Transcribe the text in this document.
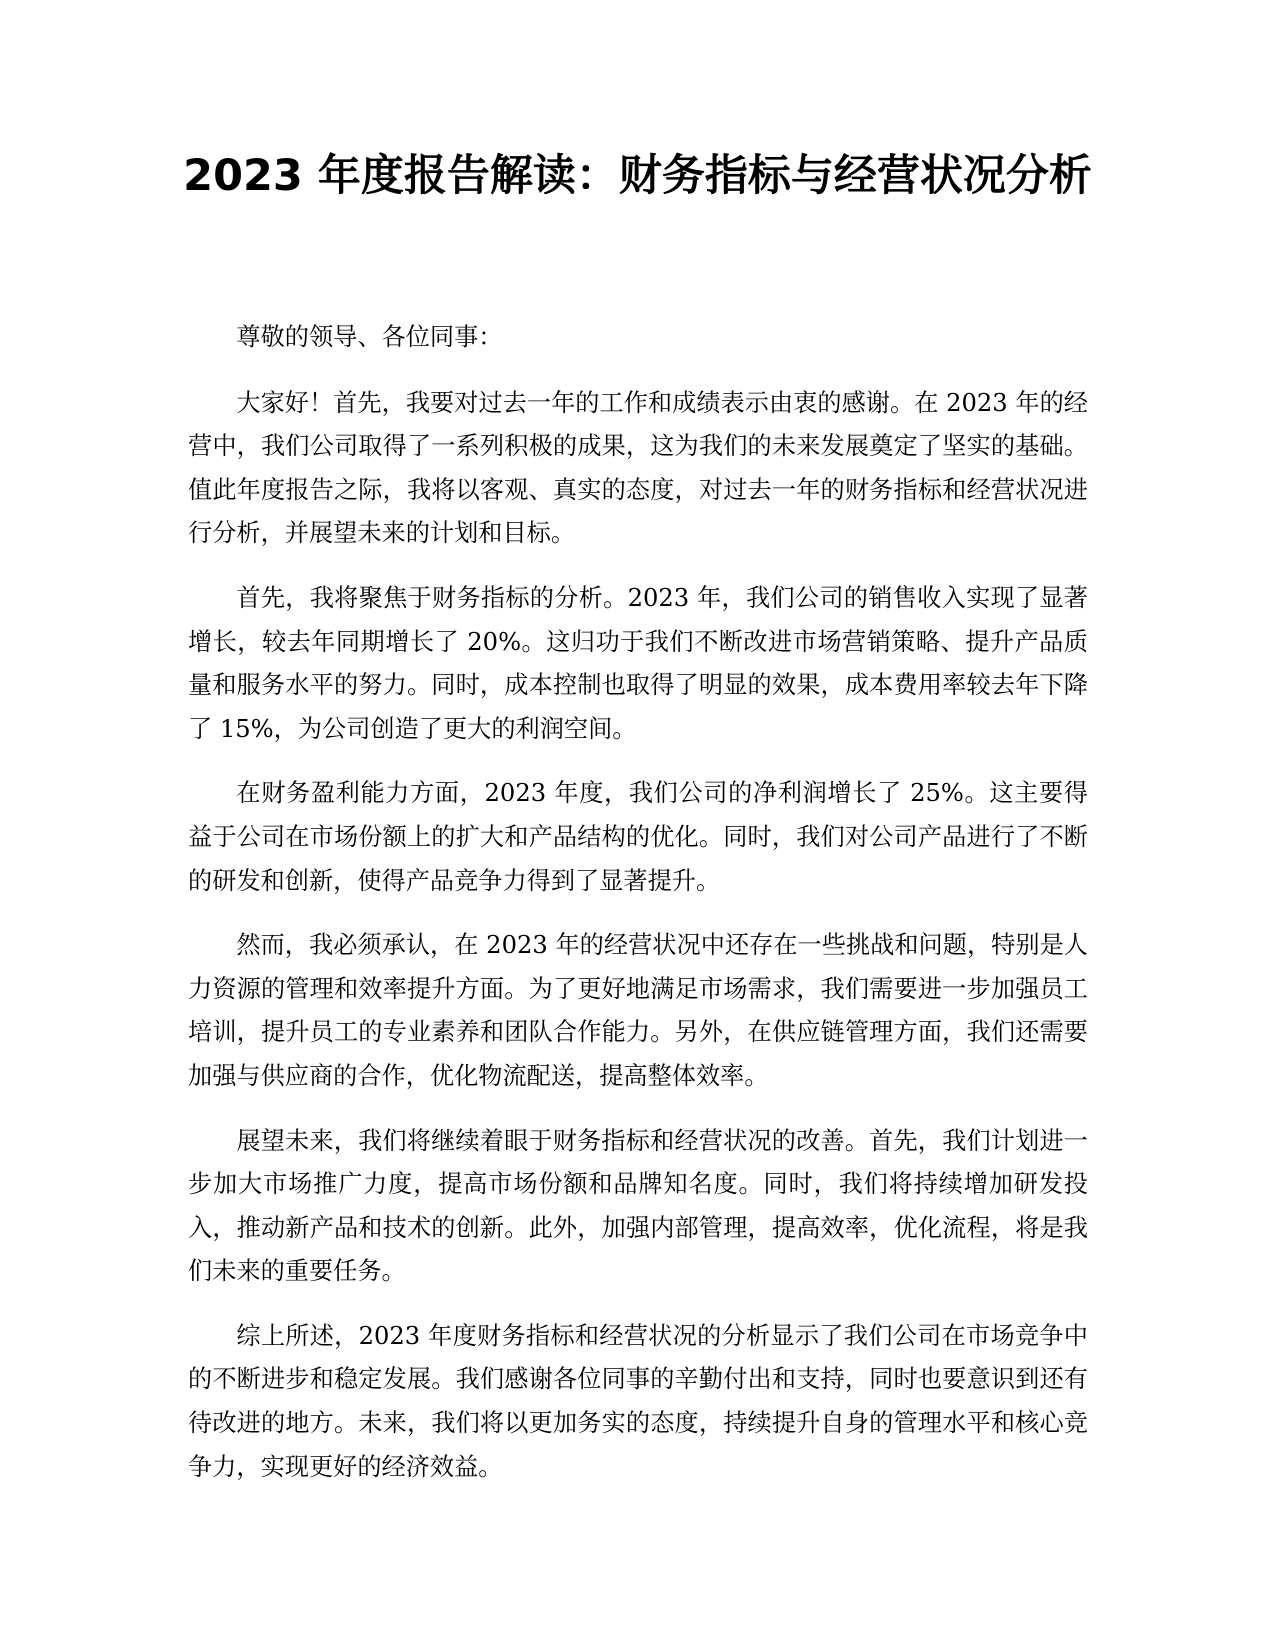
2023 年度报告解读：财务指标与经营状况分析

尊敬的领导、各位同事：

大家好！首先，我要对过去一年的工作和成绩表示由衷的感谢。在 2023 年的经营中，我们公司取得了一系列积极的成果，这为我们的未来发展奠定了坚实的基础。值此年度报告之际，我将以客观、真实的态度，对过去一年的财务指标和经营状况进行分析，并展望未来的计划和目标。

首先，我将聚焦于财务指标的分析。2023 年，我们公司的销售收入实现了显著增长，较去年同期增长了 20%。这归功于我们不断改进市场营销策略、提升产品质量和服务水平的努力。同时，成本控制也取得了明显的效果，成本费用率较去年下降了 15%，为公司创造了更大的利润空间。

在财务盈利能力方面，2023 年度，我们公司的净利润增长了 25%。这主要得益于公司在市场份额上的扩大和产品结构的优化。同时，我们对公司产品进行了不断的研发和创新，使得产品竞争力得到了显著提升。

然而，我必须承认，在 2023 年的经营状况中还存在一些挑战和问题，特别是人力资源的管理和效率提升方面。为了更好地满足市场需求，我们需要进一步加强员工培训，提升员工的专业素养和团队合作能力。另外，在供应链管理方面，我们还需要加强与供应商的合作，优化物流配送，提高整体效率。

展望未来，我们将继续着眼于财务指标和经营状况的改善。首先，我们计划进一步加大市场推广力度，提高市场份额和品牌知名度。同时，我们将持续增加研发投入，推动新产品和技术的创新。此外，加强内部管理，提高效率，优化流程，将是我们未来的重要任务。

综上所述，2023 年度财务指标和经营状况的分析显示了我们公司在市场竞争中的不断进步和稳定发展。我们感谢各位同事的辛勤付出和支持，同时也要意识到还有待改进的地方。未来，我们将以更加务实的态度，持续提升自身的管理水平和核心竞争力，实现更好的经济效益。
